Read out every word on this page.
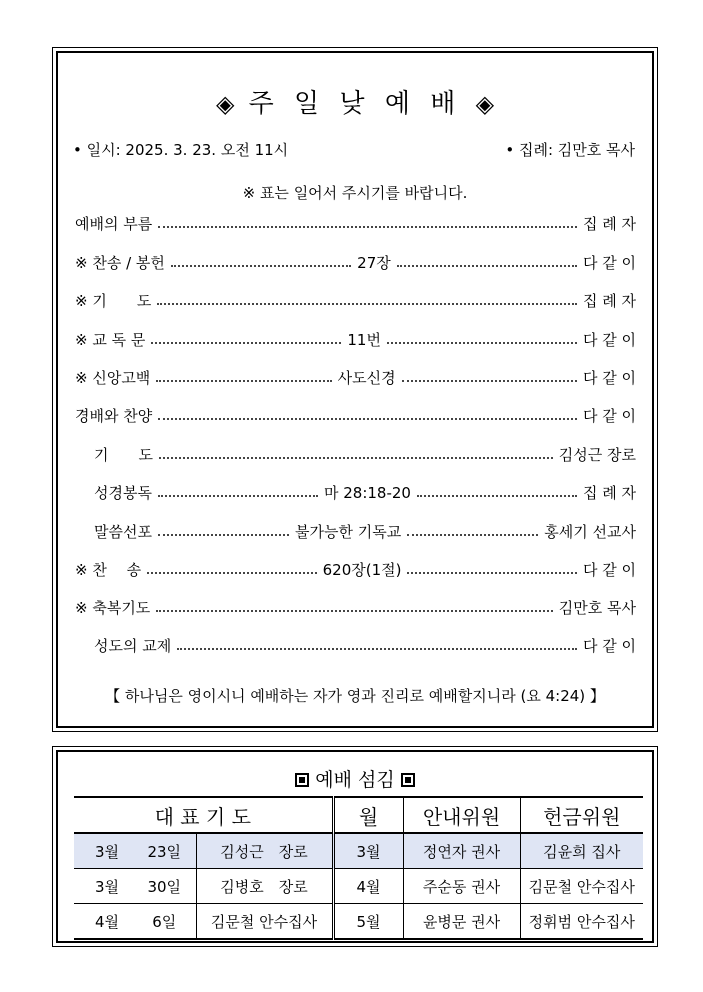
◈ 주 일 낮 예 배 ◈
• 일시: 2025. 3. 23. 오전 11시	• 집례: 김만호 목사
※ 표는 일어서 주시기를 바랍니다.
예배의 부름	집 례 자
※ 찬송 / 봉헌	27장	다 같 이
※ 기　　도	집 례 자
※ 교 독 문	11번	다 같 이
※ 신앙고백	사도신경	다 같 이
경배와 찬양	다 같 이
기　　도	김성근 장로
성경봉독	마 28:18-20	집 례 자
말씀선포	불가능한 기독교	홍세기 선교사
※ 찬　 송	620장(1절)	다 같 이
※ 축복기도	김만호 목사
성도의 교제	다 같 이
【 하나님은 영이시니 예배하는 자가 영과 진리로 예배할지니라 (요 4:24) 】
예배 섬김
대 표 기 도			월	안내위원	헌금위원
3월	23일	김성근　장로	3월	정연자 권사	김윤희 집사
3월	30일	김병호　장로	4월	주순동 권사	김문철 안수집사
4월	6일	김문철 안수집사	5월	윤병문 권사	정휘범 안수집사
